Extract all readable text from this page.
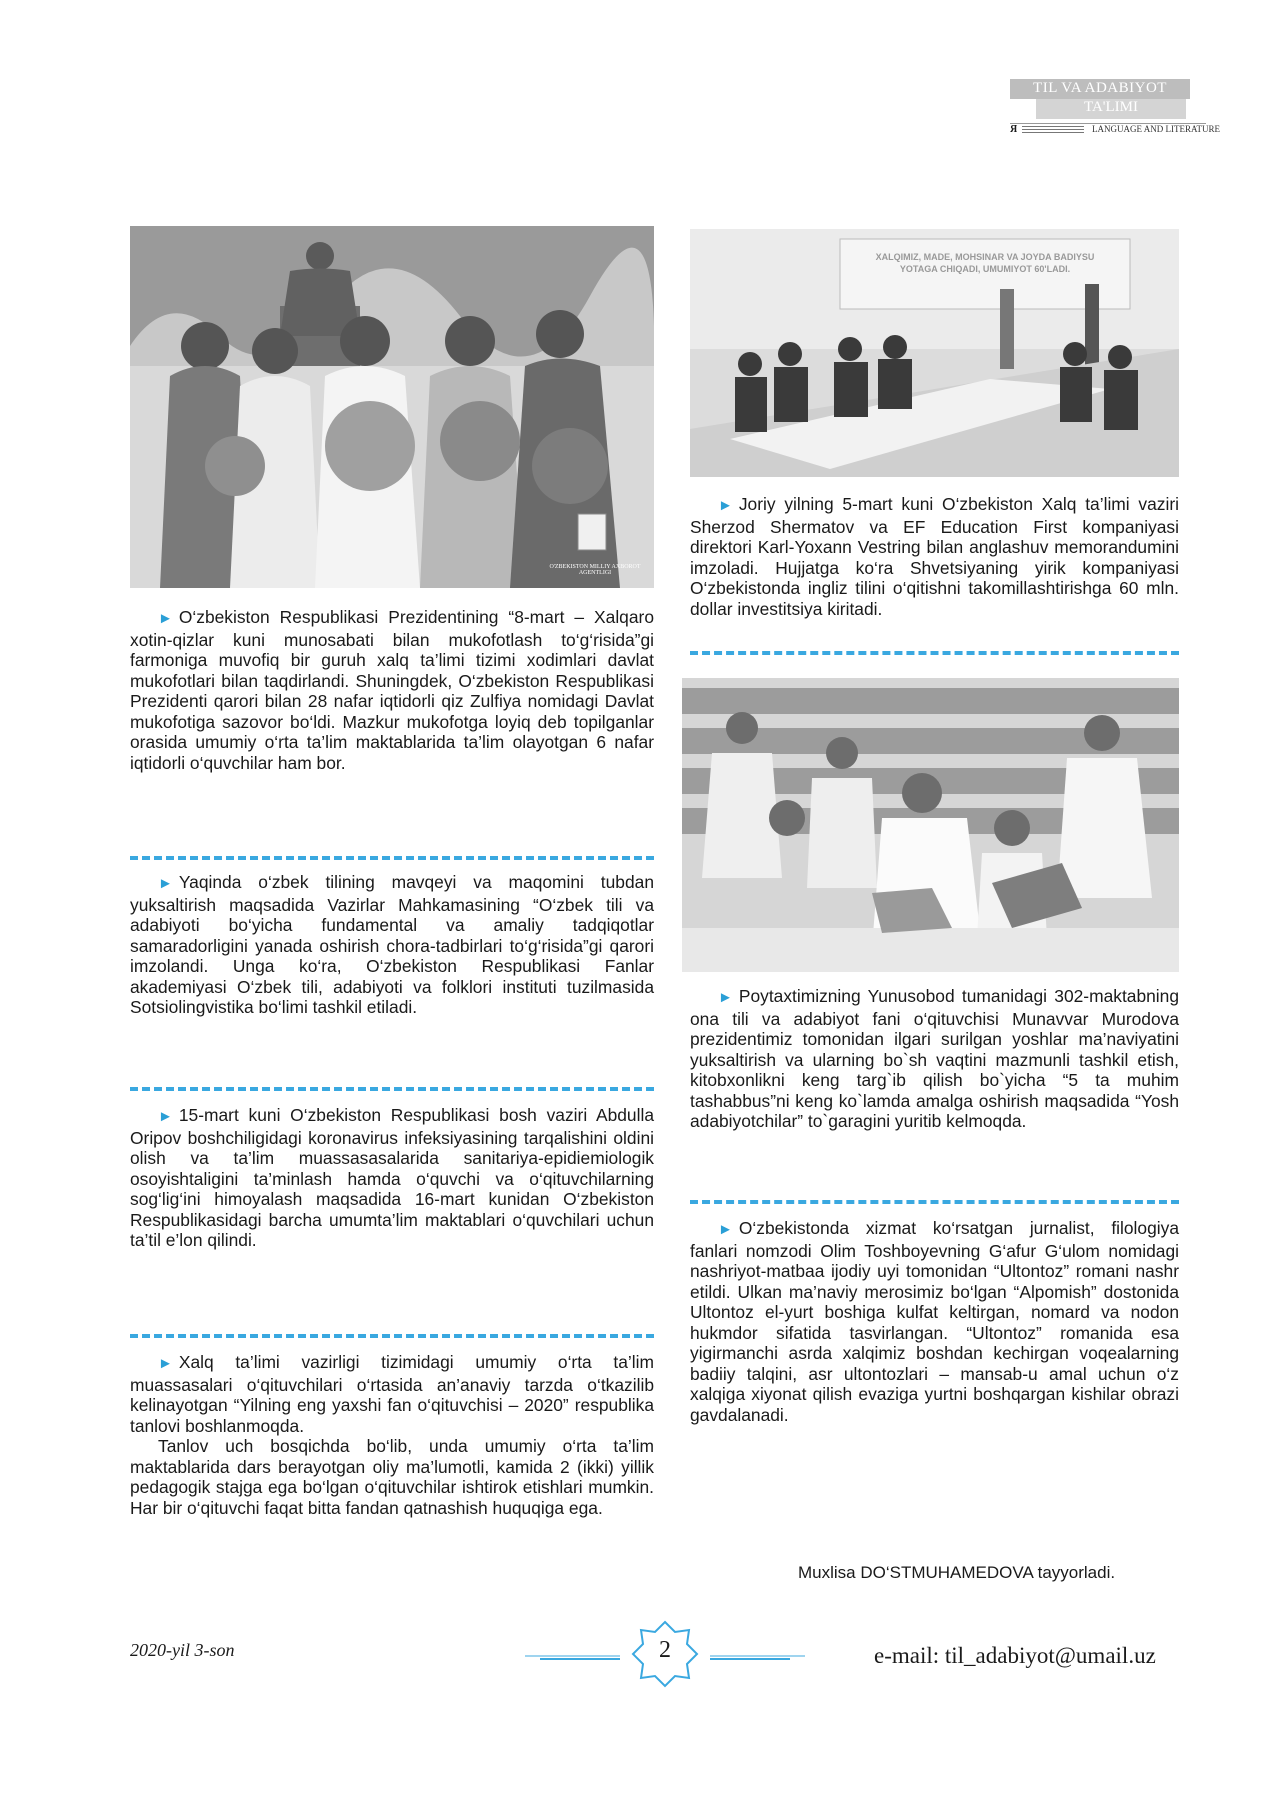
TIL VA ADABIYOT
TA'LIMI
Я	LANGUAGE AND LITERATURE
O'ZBEKISTON MILLIY AXBOROT AGENTLIGI
XALQIMIZ, MADE, MOHSINAR VA JOYDA BADIYSU YOTAGA CHIQADI, UMUMIYOT 60'LADI.

► O‘zbekiston Respublikasi Prezidentining “8-mart – Xalqaro xotin-qizlar kuni munosabati bilan mukofotlash to‘g‘risida”gi farmoniga muvofiq bir guruh xalq ta’limi tizimi xodimlari davlat mukofotlari bilan taqdirlandi. Shuningdek, O‘zbekiston Respublikasi Prezidenti qarori bilan 28 nafar iqtidorli qiz Zulfiya nomidagi Davlat mukofotiga sazovor bo‘ldi. Mazkur mukofotga loyiq deb topilganlar orasida umumiy o‘rta ta’lim maktablarida ta’lim olayotgan 6 nafar iqtidorli o‘quvchilar ham bor.

► Yaqinda o‘zbek tilining mavqeyi va maqomini tubdan yuksaltirish maqsadida Vazirlar Mahkamasining “O‘zbek tili va adabiyoti bo‘yicha fundamental va amaliy tadqiqotlar samaradorligini yanada oshirish chora-tadbirlari to‘g‘risida”gi qarori imzolandi. Unga ko‘ra, O‘zbekiston Respublikasi Fanlar akademiyasi O‘zbek tili, adabiyoti va folklori instituti tuzilmasida Sotsiolingvistika bo‘limi tashkil etiladi.

► 15-mart kuni O‘zbekiston Respublikasi bosh vaziri Abdulla Oripov boshchiligidagi koronavirus infeksiyasining tarqalishini oldini olish va ta’lim muassasasalarida sanitariya-epidiemiologik osoyishtaligini ta’minlash hamda o‘quvchi va o‘qituvchilarning sog‘lig‘ini himoyalash maqsadida 16-mart kunidan O‘zbekiston Respublikasidagi barcha umumta’lim maktablari o‘quvchilari uchun ta’til e’lon qilindi.

► Xalq ta’limi vazirligi tizimidagi umumiy o‘rta ta’lim muassasalari o‘qituvchilari o‘rtasida an’anaviy tarzda o‘tkazilib kelinayotgan “Yilning eng yaxshi fan o‘qituvchisi – 2020” respublika tanlovi boshlanmoqda.

Tanlov uch bosqichda bo‘lib, unda umumiy o‘rta ta’lim maktablarida dars berayotgan oliy ma’lumotli, kamida 2 (ikki) yillik pedagogik stajga ega bo‘lgan o‘qituvchilar ishtirok etishlari mumkin. Har bir o‘qituvchi faqat bitta fandan qatnashish huquqiga ega.

► Joriy yilning 5-mart kuni O‘zbekiston Xalq ta’limi vaziri Sherzod Shermatov va EF Education First kompaniyasi direktori Karl-Yoxann Vestring bilan anglashuv memorandumini imzoladi. Hujjatga ko‘ra Shvetsiyaning yirik kompaniyasi O‘zbekistonda ingliz tilini o‘qitishni takomillashtirishga 60 mln. dollar investitsiya kiritadi.

► Poytaxtimizning Yunusobod tumanidagi 302-maktabning ona tili va adabiyot fani o‘qituvchisi Munavvar Murodova prezidentimiz tomonidan ilgari surilgan yoshlar ma’naviyatini yuksaltirish va ularning bo`sh vaqtini mazmunli tashkil etish, kitobxonlikni keng targ`ib qilish bo`yicha “5 ta muhim tashabbus”ni keng ko`lamda amalga oshirish maqsadida “Yosh adabiyotchilar” to`garagini yuritib kelmoqda.

► O‘zbekistonda xizmat ko‘rsatgan jurnalist, filologiya fanlari nomzodi Olim Toshboyevning G‘afur G‘ulom nomidagi nashriyot-matbaa ijodiy uyi tomonidan “Ultontoz” romani nashr etildi. Ulkan ma’naviy merosimiz bo‘lgan “Alpomish” dostonida Ultontoz el-yurt boshiga kulfat keltirgan, nomard va nodon hukmdor sifatida tasvirlangan. “Ultontoz” romanida esa yigirmanchi asrda xalqimiz boshdan kechirgan voqealarning badiiy talqini, asr ultontozlari – mansab-u amal uchun o‘z xalqiga xiyonat qilish evaziga yurtni boshqargan kishilar obrazi gavdalanadi.

Muxlisa DO‘STMUHAMEDOVA tayyorladi.
2020-yil 3-son	2	e-mail: til_adabiyot@umail.uz
